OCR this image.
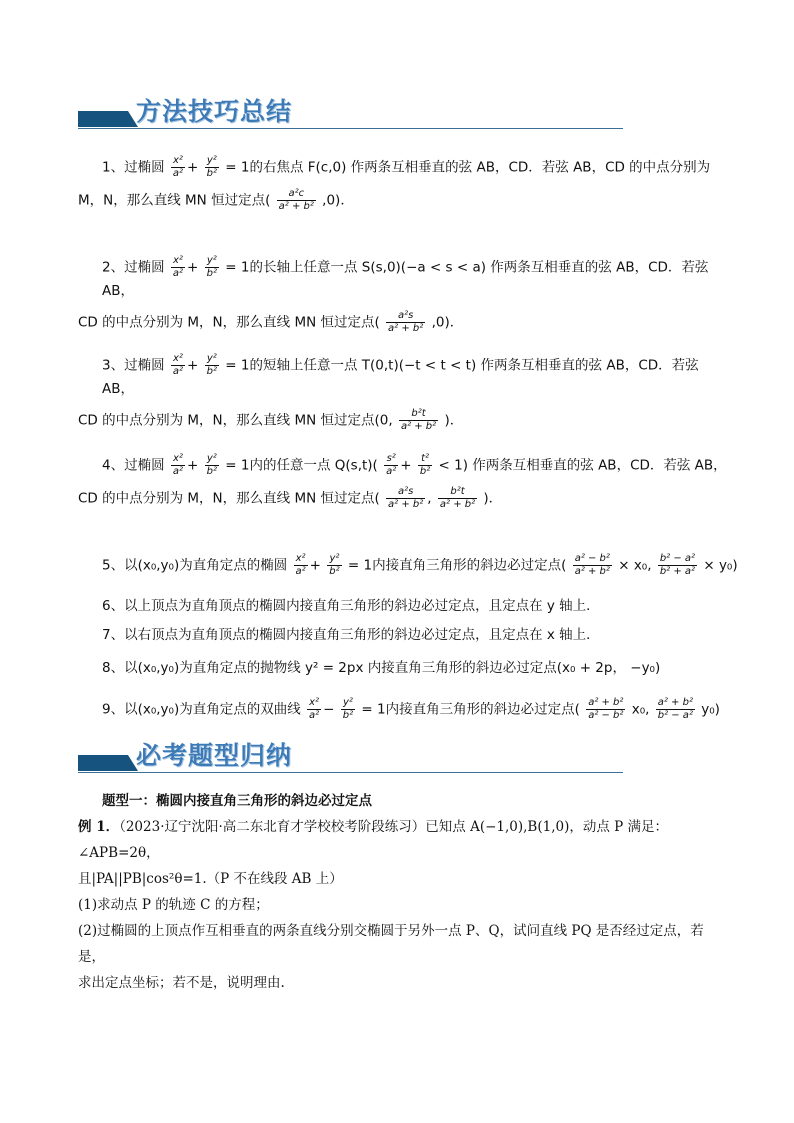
方法技巧总结
1、过椭圆 $\frac{\text{x²}}{\text{a²}} + \frac{\text{y²}}{\text{b²}} = 1$的右焦点 F(c,0) 作两条互相垂直的弦 AB，CD．若弦 AB，CD 的中点分别为
M，N，那么直线 MN 恒过定点( $\frac{\text{a²c}}{\text{a² + b²}} ,0$)．
2、过椭圆 $\frac{\text{x²}}{\text{a²}} + \frac{\text{y²}}{\text{b²}} = 1$的长轴上任意一点 S(s,0)(−a < s < a) 作两条互相垂直的弦 AB，CD．若弦 AB，
CD 的中点分别为 M，N，那么直线 MN 恒过定点( $\frac{\text{a²s}}{\text{a² + b²}} ,0$)．
3、过椭圆 $\frac{\text{x²}}{\text{a²}} + \frac{\text{y²}}{\text{b²}} = 1$的短轴上任意一点 T(0,t)(−t < t < t) 作两条互相垂直的弦 AB，CD．若弦 AB，
CD 的中点分别为 M，N，那么直线 MN 恒过定点(0, $\frac{\text{b²t}}{\text{a² + b²}}$ )．
4、过椭圆 $\frac{\text{x²}}{\text{a²}} + \frac{\text{y²}}{\text{b²}} = 1$内的任意一点 $Q(s,t)( \frac{\text{s²}}{\text{a²}} + \frac{\text{t²}}{\text{b²}} < 1)$ 作两条互相垂直的弦 AB，CD．若弦 AB，
CD 的中点分别为 M，N，那么直线 MN 恒过定点( $\frac{\text{a²s}}{\text{a² + b²}}$ , $\frac{\text{b²t}}{\text{a² + b²}}$ )．
5、以(x₀,y₀)为直角定点的椭圆 $\frac{\text{x²}}{\text{a²}} + \frac{\text{y²}}{\text{b²}} = 1$内接直角三角形的斜边必过定点( $\frac{\text{a² − b²}}{\text{a² + b²}} \times x_0$, $\frac{\text{b² − a²}}{\text{b² + a²}} \times y_0$)
6、以上顶点为直角顶点的椭圆内接直角三角形的斜边必过定点，且定点在 y 轴上．
7、以右顶点为直角顶点的椭圆内接直角三角形的斜边必过定点，且定点在 x 轴上．
8、以(x₀,y₀)为直角定点的抛物线 y² = 2px 内接直角三角形的斜边必过定点(x₀ + 2p， −y₀)
9、以(x₀,y₀)为直角定点的双曲线 $\frac{\text{x²}}{\text{a²}} - \frac{\text{y²}}{\text{b²}} = 1$内接直角三角形的斜边必过定点( $\frac{\text{a² + b²}}{\text{a² − b²}} x_0$, $\frac{\text{a² + b²}}{\text{b² − a²}} y_0$)
必考题型归纳
题型一：椭圆内接直角三角形的斜边必过定点
例 1．（2023·辽宁沈阳·高二东北育才学校校考阶段练习）已知点 A(−1,0),B(1,0)，动点 P 满足：∠APB=2θ，
且|PA||PB|cos²θ=1.（P 不在线段 AB 上）
(1)求动点 P 的轨迹 C 的方程；
(2)过椭圆的上顶点作互相垂直的两条直线分别交椭圆于另外一点 P、Q，试问直线 PQ 是否经过定点，若是，
求出定点坐标；若不是，说明理由.
